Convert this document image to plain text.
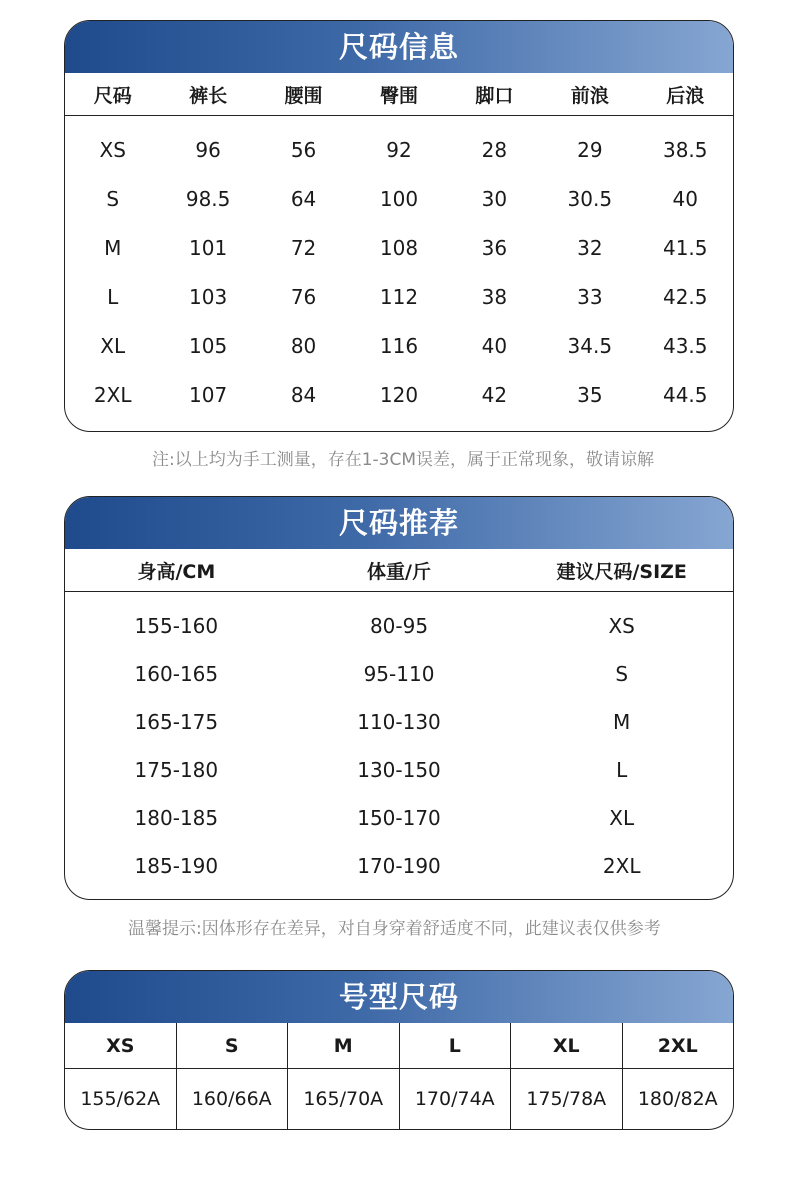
尺码信息
尺码	裤长	腰围	臀围	脚口	前浪	后浪
XS	96	56	92	28	29	38.5
S	98.5	64	100	30	30.5	40
M	101	72	108	36	32	41.5
L	103	76	112	38	33	42.5
XL	105	80	116	40	34.5	43.5
2XL	107	84	120	42	35	44.5
注:以上均为手工测量，存在1-3CM误差，属于正常现象，敬请谅解
尺码推荐
身高/CM	体重/斤	建议尺码/SIZE
155-160	80-95	XS
160-165	95-110	S
165-175	110-130	M
175-180	130-150	L
180-185	150-170	XL
185-190	170-190	2XL
温馨提示:因体形存在差异，对自身穿着舒适度不同，此建议表仅供参考
号型尺码
XS	S	M	L	XL	2XL
155/62A	160/66A	165/70A	170/74A	175/78A	180/82A
